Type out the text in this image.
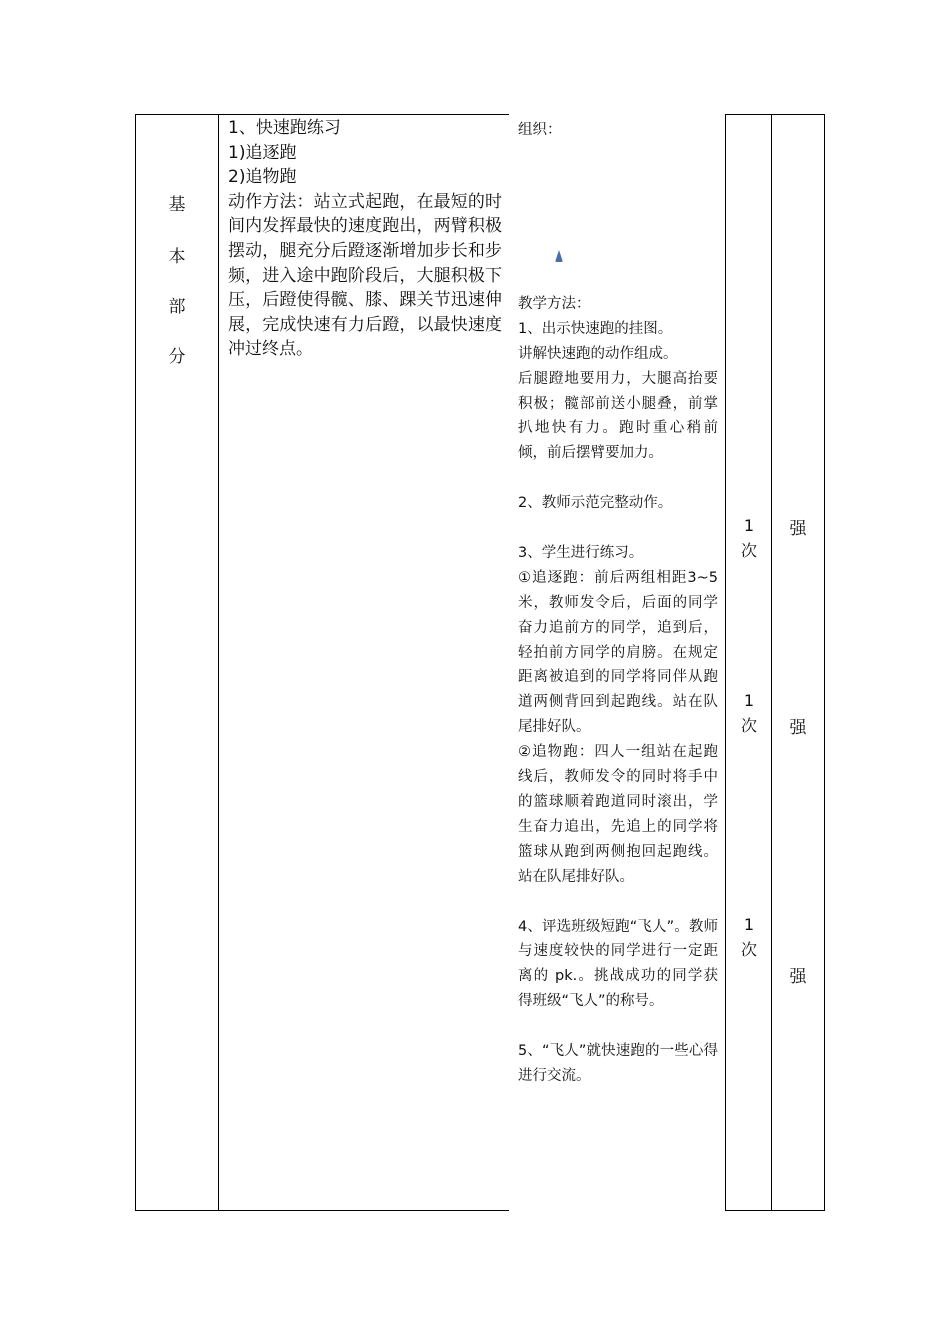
基
本
部
分
1、快速跑练习
1)追逐跑
2)追物跑
动作方法：站立式起跑，在最短的时间内发挥最快的速度跑出，两臂积极摆动，腿充分后蹬逐渐增加步长和步频，进入途中跑阶段后，大腿积极下压，后蹬使得髋、膝、踝关节迅速伸展，完成快速有力后蹬，以最快速度冲过终点。

组织：

教学方法：

1、出示快速跑的挂图。

讲解快速跑的动作组成。

后腿蹬地要用力，大腿高抬要积极；髋部前送小腿叠，前掌扒地快有力。跑时重心稍前倾，前后摆臂要加力。

2、教师示范完整动作。

3、学生进行练习。

①追逐跑：前后两组相距3~5米，教师发令后，后面的同学奋力追前方的同学，追到后，轻拍前方同学的肩膀。在规定距离被追到的同学将同伴从跑道两侧背回到起跑线。站在队尾排好队。

②追物跑：四人一组站在起跑线后，教师发令的同时将手中的篮球顺着跑道同时滚出，学生奋力追出，先追上的同学将篮球从跑到两侧抱回起跑线。站在队尾排好队。

4、评选班级短跑“飞人”。教师与速度较快的同学进行一定距离的 pk.。挑战成功的同学获得班级“飞人”的称号。

5、“飞人”就快速跑的一些心得进行交流。

1
次
1
次
1
次
强
强
强
